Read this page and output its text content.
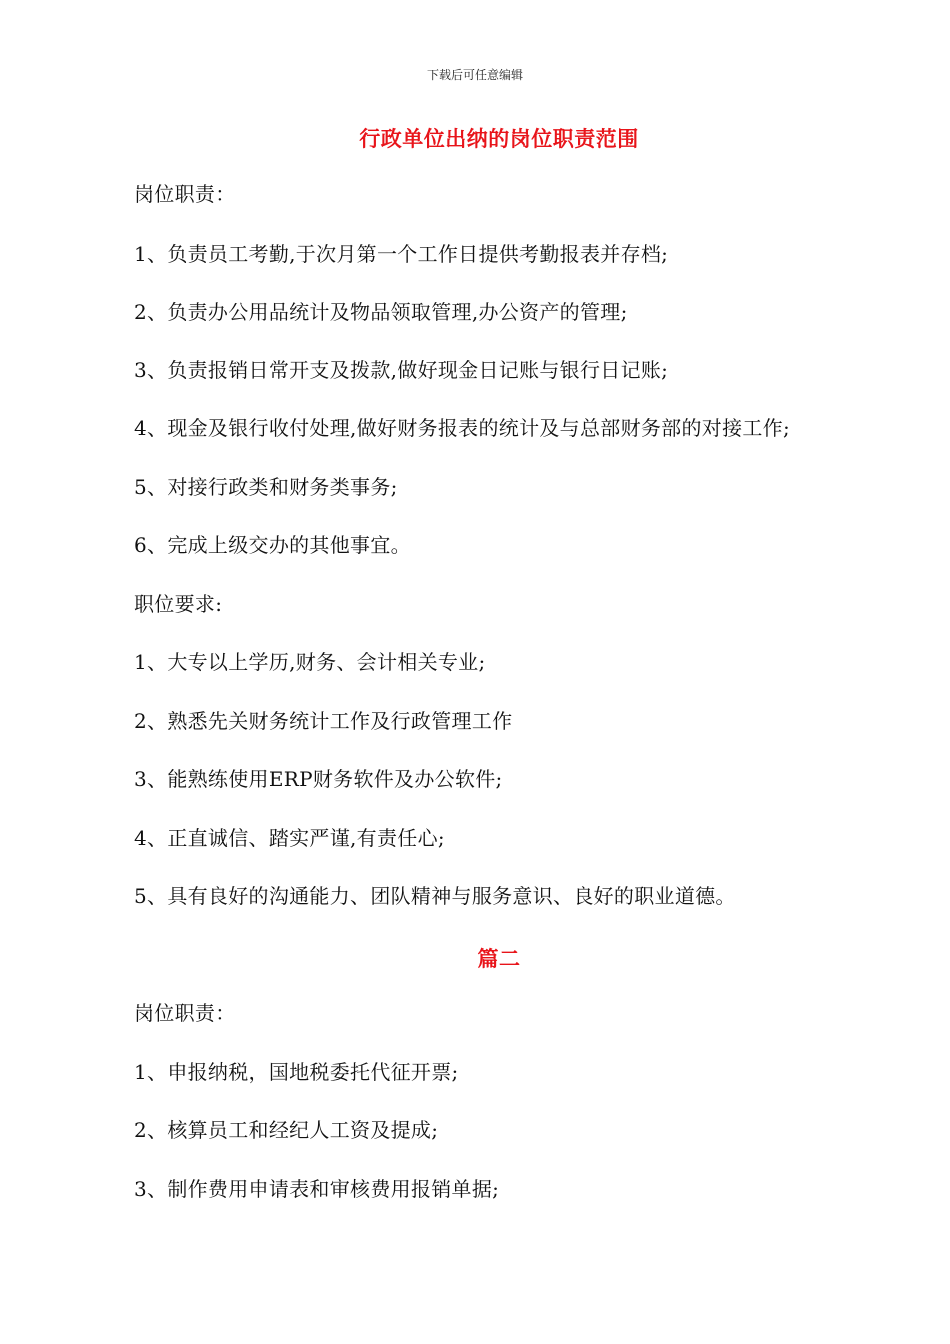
下载后可任意编辑
行政单位出纳的岗位职责范围
岗位职责：
1、负责员工考勤,于次月第一个工作日提供考勤报表并存档;
2、负责办公用品统计及物品领取管理,办公资产的管理;
3、负责报销日常开支及拨款,做好现金日记账与银行日记账;
4、现金及银行收付处理,做好财务报表的统计及与总部财务部的对接工作;
5、对接行政类和财务类事务;
6、完成上级交办的其他事宜。
职位要求:
1、大专以上学历,财务、会计相关专业;
2、熟悉先关财务统计工作及行政管理工作
3、能熟练使用ERP财务软件及办公软件;
4、正直诚信、踏实严谨,有责任心;
5、具有良好的沟通能力、团队精神与服务意识、良好的职业道德。
篇二
岗位职责：
1、申报纳税，国地税委托代征开票;
2、核算员工和经纪人工资及提成;
3、制作费用申请表和审核费用报销单据;
